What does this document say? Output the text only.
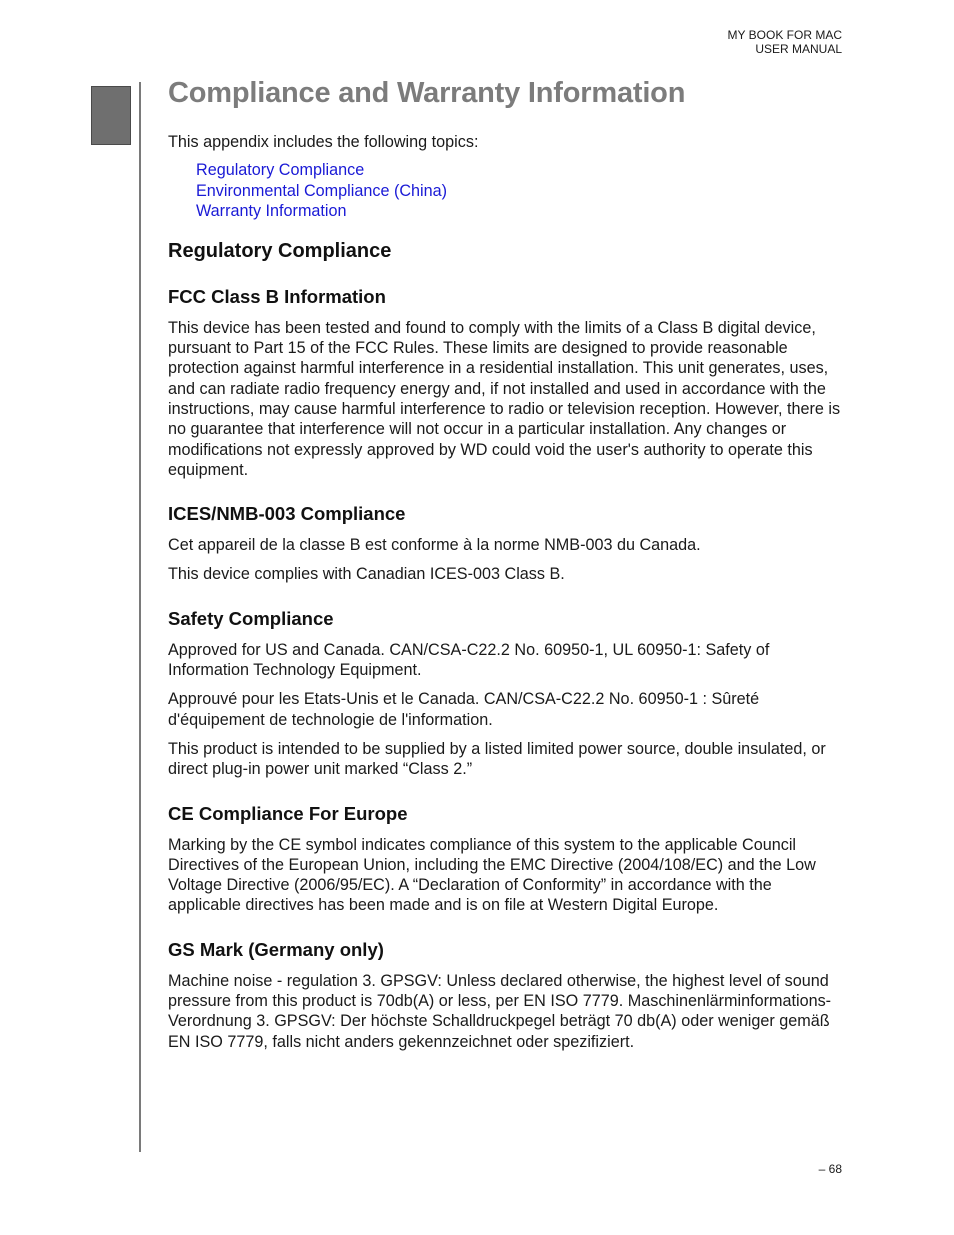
MY BOOK FOR MAC
USER MANUAL
Compliance and Warranty Information

This appendix includes the following topics:

Regulatory Compliance
Environmental Compliance (China)
Warranty Information
Regulatory Compliance
FCC Class B Information

This device has been tested and found to comply with the limits of a Class B digital device, pursuant to Part 15 of the FCC Rules. These limits are designed to provide reasonable protection against harmful interference in a residential installation. This unit generates, uses, and can radiate radio frequency energy and, if not installed and used in accordance with the instructions, may cause harmful interference to radio or television reception. However, there is no guarantee that interference will not occur in a particular installation. Any changes or modifications not expressly approved by WD could void the user's authority to operate this equipment.

ICES/NMB-003 Compliance

Cet appareil de la classe B est conforme à la norme NMB-003 du Canada.

This device complies with Canadian ICES-003 Class B.

Safety Compliance

Approved for US and Canada. CAN/CSA-C22.2 No. 60950-1, UL 60950-1: Safety of Information Technology Equipment.

Approuvé pour les Etats-Unis et le Canada. CAN/CSA-C22.2 No. 60950-1 : Sûreté d'équipement de technologie de l'information.

This product is intended to be supplied by a listed limited power source, double insulated, or direct plug-in power unit marked “Class 2.”

CE Compliance For Europe

Marking by the CE symbol indicates compliance of this system to the applicable Council Directives of the European Union, including the EMC Directive (2004/108/EC) and the Low Voltage Directive (2006/95/EC). A “Declaration of Conformity” in accordance with the applicable directives has been made and is on file at Western Digital Europe.

GS Mark (Germany only)

Machine noise - regulation 3. GPSGV: Unless declared otherwise, the highest level of sound pressure from this product is 70db(A) or less, per EN ISO 7779. Maschinenlärminformations-Verordnung 3. GPSGV: Der höchste Schalldruckpegel beträgt 70 db(A) oder weniger gemäß EN ISO 7779, falls nicht anders gekennzeichnet oder spezifiziert.

– 68
